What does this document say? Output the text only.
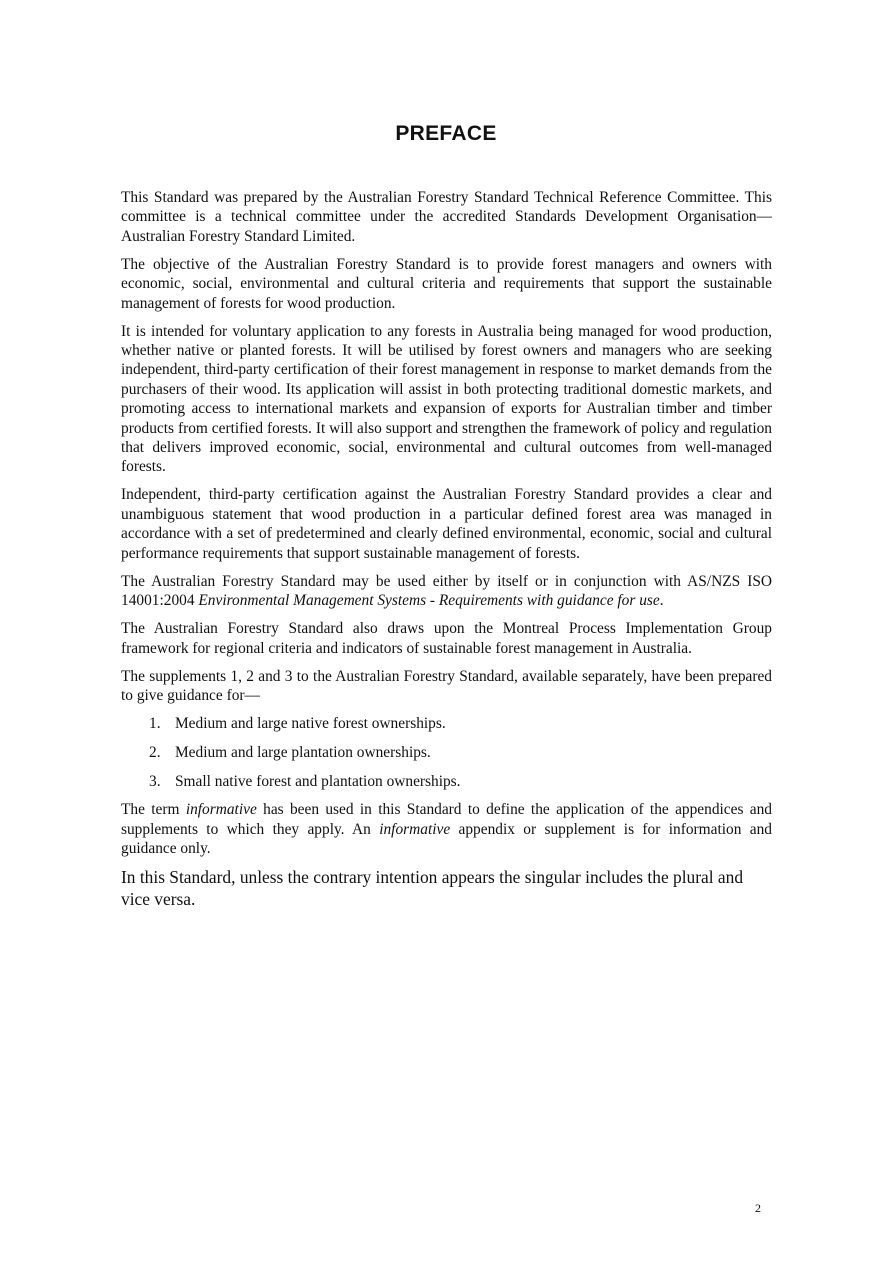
PREFACE

This Standard was prepared by the Australian Forestry Standard Technical Reference Committee. This committee is a technical committee under the accredited Standards Development Organisation—Australian Forestry Standard Limited.

The objective of the Australian Forestry Standard is to provide forest managers and owners with economic, social, environmental and cultural criteria and requirements that support the sustainable management of forests for wood production.

It is intended for voluntary application to any forests in Australia being managed for wood production, whether native or planted forests. It will be utilised by forest owners and managers who are seeking independent, third-party certification of their forest management in response to market demands from the purchasers of their wood. Its application will assist in both protecting traditional domestic markets, and promoting access to international markets and expansion of exports for Australian timber and timber products from certified forests. It will also support and strengthen the framework of policy and regulation that delivers improved economic, social, environmental and cultural outcomes from well-managed forests.

Independent, third-party certification against the Australian Forestry Standard provides a clear and unambiguous statement that wood production in a particular defined forest area was managed in accordance with a set of predetermined and clearly defined environmental, economic, social and cultural performance requirements that support sustainable management of forests.

The Australian Forestry Standard may be used either by itself or in conjunction with AS/NZS ISO 14001:2004 Environmental Management Systems - Requirements with guidance for use.

The Australian Forestry Standard also draws upon the Montreal Process Implementation Group framework for regional criteria and indicators of sustainable forest management in Australia.

The supplements 1, 2 and 3 to the Australian Forestry Standard, available separately, have been prepared to give guidance for—

1. Medium and large native forest ownerships.
2. Medium and large plantation ownerships.
3. Small native forest and plantation ownerships.

The term informative has been used in this Standard to define the application of the appendices and supplements to which they apply. An informative appendix or supplement is for information and guidance only.

In this Standard, unless the contrary intention appears the singular includes the plural and vice versa.

2
